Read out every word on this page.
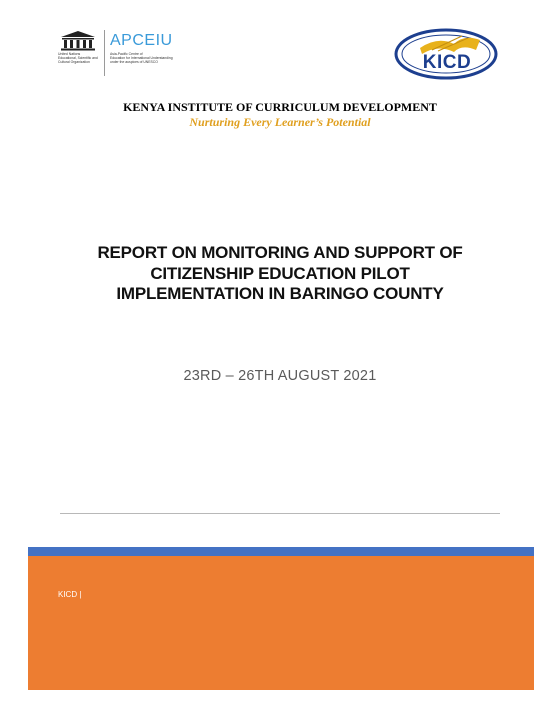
United Nations
Educational, Scientific and
Cultural Organization
APCEIU
Asia-Pacific Centre of
Education for International Understanding
under the auspices of UNESCO	KICD
KENYA INSTITUTE OF CURRICULUM DEVELOPMENT
Nurturing Every Learner’s Potential
REPORT ON MONITORING AND SUPPORT OF
CITIZENSHIP EDUCATION PILOT
IMPLEMENTATION IN BARINGO COUNTY
23RD – 26TH AUGUST 2021
KICD |
